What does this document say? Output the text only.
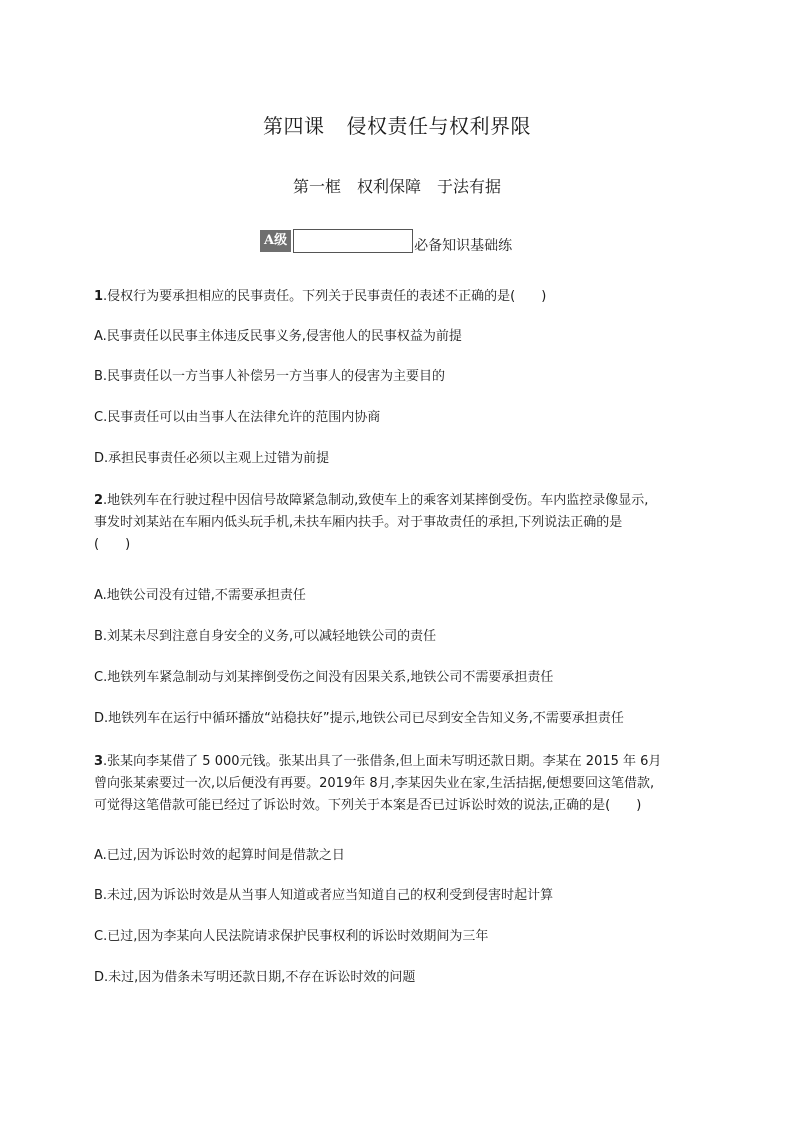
第四课 侵权责任与权利界限
第一框 权利保障 于法有据
A级	必备知识基础练
1.侵权行为要承担相应的民事责任。下列关于民事责任的表述不正确的是(　　)
A.民事责任以民事主体违反民事义务,侵害他人的民事权益为前提
B.民事责任以一方当事人补偿另一方当事人的侵害为主要目的
C.民事责任可以由当事人在法律允许的范围内协商
D.承担民事责任必须以主观上过错为前提
2.地铁列车在行驶过程中因信号故障紧急制动,致使车上的乘客刘某摔倒受伤。车内监控录像显示,
事发时刘某站在车厢内低头玩手机,未扶车厢内扶手。对于事故责任的承担,下列说法正确的是
(　　)
A.地铁公司没有过错,不需要承担责任
B.刘某未尽到注意自身安全的义务,可以减轻地铁公司的责任
C.地铁列车紧急制动与刘某摔倒受伤之间没有因果关系,地铁公司不需要承担责任
D.地铁列车在运行中循环播放“站稳扶好”提示,地铁公司已尽到安全告知义务,不需要承担责任
3.张某向李某借了 5 000元钱。张某出具了一张借条,但上面未写明还款日期。李某在 2015 年 6月
曾向张某索要过一次,以后便没有再要。2019年 8月,李某因失业在家,生活拮据,便想要回这笔借款,
可觉得这笔借款可能已经过了诉讼时效。下列关于本案是否已过诉讼时效的说法,正确的是(　　)
A.已过,因为诉讼时效的起算时间是借款之日
B.未过,因为诉讼时效是从当事人知道或者应当知道自己的权利受到侵害时起计算
C.已过,因为李某向人民法院请求保护民事权利的诉讼时效期间为三年
D.未过,因为借条未写明还款日期,不存在诉讼时效的问题
